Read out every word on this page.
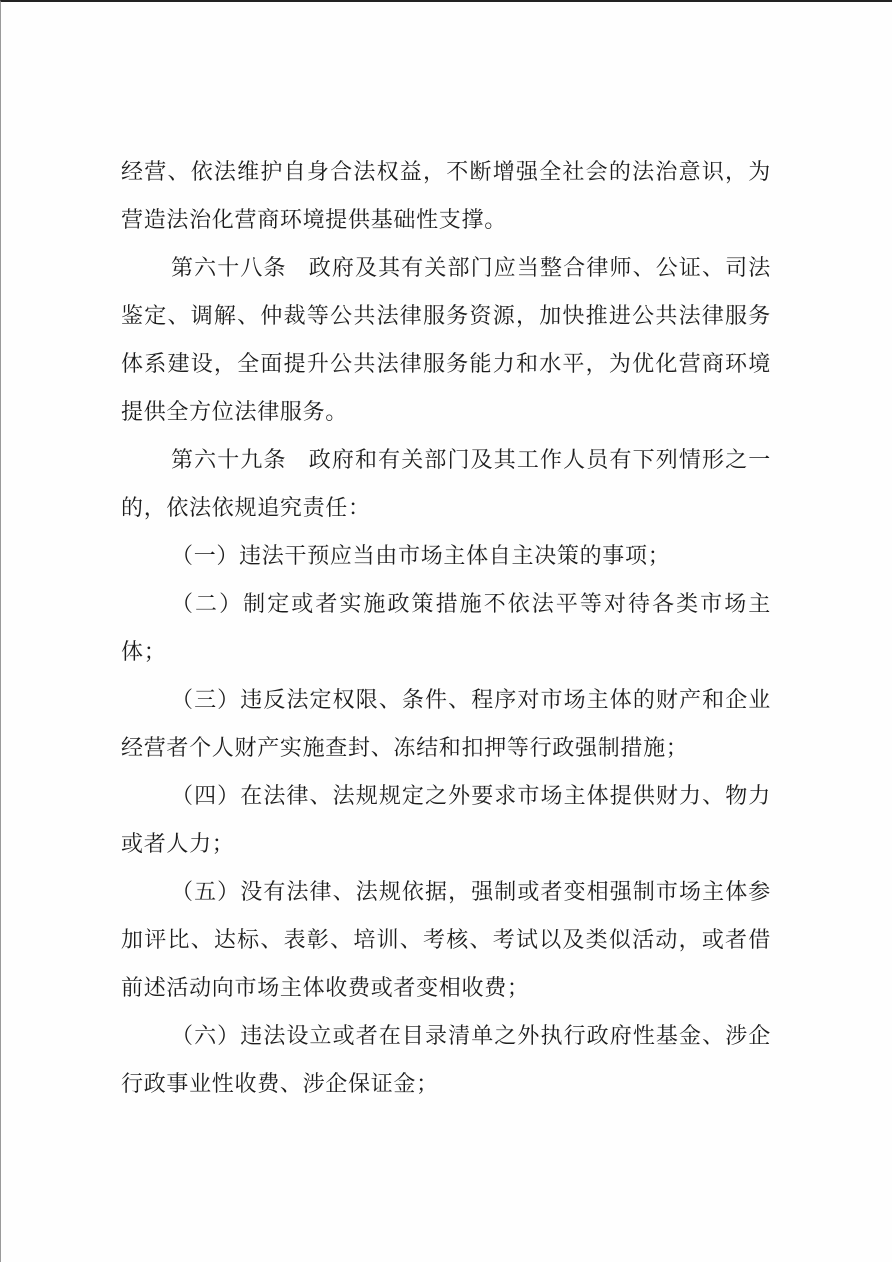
经营、依法维护自身合法权益，不断增强全社会的法治意识，为营造法治化营商环境提供基础性支撑。

第六十八条 政府及其有关部门应当整合律师、公证、司法鉴定、调解、仲裁等公共法律服务资源，加快推进公共法律服务体系建设，全面提升公共法律服务能力和水平，为优化营商环境提供全方位法律服务。

第六十九条 政府和有关部门及其工作人员有下列情形之一的，依法依规追究责任：

（一）违法干预应当由市场主体自主决策的事项；

（二）制定或者实施政策措施不依法平等对待各类市场主体；

（三）违反法定权限、条件、程序对市场主体的财产和企业经营者个人财产实施查封、冻结和扣押等行政强制措施；

（四）在法律、法规规定之外要求市场主体提供财力、物力或者人力；

（五）没有法律、法规依据，强制或者变相强制市场主体参加评比、达标、表彰、培训、考核、考试以及类似活动，或者借前述活动向市场主体收费或者变相收费；

（六）违法设立或者在目录清单之外执行政府性基金、涉企行政事业性收费、涉企保证金；
